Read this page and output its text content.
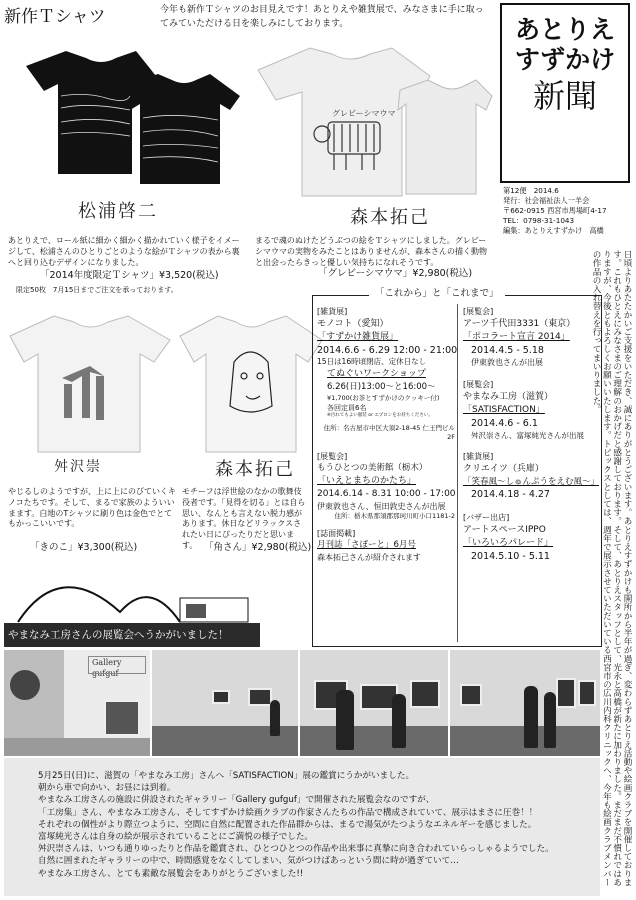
新作Ｔシャツ	今年も新作Ｔシャツのお目見えです！あとりえや雑貨展で、みなさまに手に取ってみていただける日を楽しみにしております。	あとりえ
すずかけ
新聞
第12便　2014.6
発行：社会福祉法人一羊会
〒662-0915 西宮市馬場町4-17
TEL：0798-31-1043
編集：あとりえすずかけ　高橋
松浦啓二
あとりえで、ロール紙に細かく細かく描かれていく様子をイメージして、松浦さんのひとりごとのような絵がＴシャツの表から裏へと回り込むデザインになりました。
「2014年度限定Ｔシャツ」¥3,520(税込)
限定50枚　7月15日までご注文を承っております。
グレビーシマウマ
森本拓己
まるで魂のぬけたどうぶつの絵をＴシャツにしました。グレビーシマウマの実物をみたことはありませんが、森本さんの描く動物と出会ったらきっと優しい気持ちになれそうです。
「グレビーシマウマ」¥2,980(税込)
舛沢崇
やじるしのようですが、上に上にのびていくキノコたちです。そして、まるで家族のよういいまます。白地のTシャツに刷り色は金色でとてもかっこいいです。
「きのこ」¥3,300(税込)
森本拓己
モチーフは浮世絵のなかの歌舞伎役者です。「見得を切る」とは自ら思い、なんとも言えない脱力感があります。休日などリラックスされたい日にぴったりだと思います。 「角さん」¥2,980(税込)
「これから」と「これまで」
[雑貨展]
モノコト（愛知）
「すずかけ雑貨展」
2014.6.6 - 6.29 12:00 - 21:00
15日は16時頃閉店、定休日なし
てぬぐいワークショップ
6.26(日)13:00〜と16:00〜
¥1,700(お茶とすずかけのクッキー付)
各回定員6名
※汚れてもよい服装 or エプロンをお持ちください。
住所：名古屋市中区大須2-18-45 仁王門ビル2F
[展覧会]
もうひとつの美術館（栃木）
「いえとまちのかたち」
2014.6.14 - 8.31 10:00 - 17:00
伊東敦也さん、恒田敦史さんが出展
住所：栃木県那須郡那珂川町小口1181-2
[誌面掲載]
月刊誌「さぽーと」6月号
森本拓己さんが紹介されます
[展覧会]
アーツ千代田3331（東京）
「ポコラート宣言 2014」
2014.4.5 - 5.18
伊東敦也さんが出展
[展覧会]
やまなみ工房（滋賀）
「SATISFACTION」
2014.4.6 - 6.1
舛沢崇さん、富塚純光さんが出展
[雑貨展]
クリエイツ（兵庫）
「笑春風～しゅんぷうをえむ風～」
2014.4.18 - 4.27
[バザー出店]
アートスペースIPPO
「いろいろパレード」
2014.5.10 - 5.11	日頃よりあたたかいご支援をいただき、誠にありがとうございます。あとりえすずかけも開所から半年が過ぎ、変わらずあとりえ活動や絵画クラブを開催しております。これもひとえにみなさまのご理解のおかげだと感謝しております。そして、あとりえスタッフとして、光永と髙橋が新たに加わりました。まだまだ不慣れではありますが、今後ともよろしくお願いいたします。トピックスとしては、週年で展示させていただいている西宮市の広川内科クリニックへ、今年も絵画クラブメンバーの作品の入れ替えを行ってまいりました。
やまなみ工房さんの展覧会へうかがいました！
Gallery gufguf
5月25日(日)に、滋賀の「やまなみ工房」さんへ「SATISFACTION」展の鑑賞にうかがいました。
朝から車で向かい、お昼には到着。
やまなみ工房さんの施設に併設されたギャラリー「Gallery gufguf」で開催された展覧会なのですが、
「工房集」さん、やまなみ工房さん、そしてすずかけ絵画クラブの作家さんたちの作品で構成されていて、展示はまさに圧巻！！
それぞれの個性がより際立つように、空間に自然に配置された作品群からは、まるで湯気がたつようなエネルギーを感じました。
富塚純光さんは自身の絵が展示されていることにご満悦の様子でした。
舛沢崇さんは、いつも通りゆったりと作品を鑑賞され、ひとつひとつの作品や出来事に真摯に向き合われていらっしゃるようでした。
自然に囲まれたギャラリーの中で、時間感覚をなくしてしまい、気がつけばあっという間に時が過ぎていて…
やまなみ工房さん、とても素敵な展覧会をありがとうございました!!
